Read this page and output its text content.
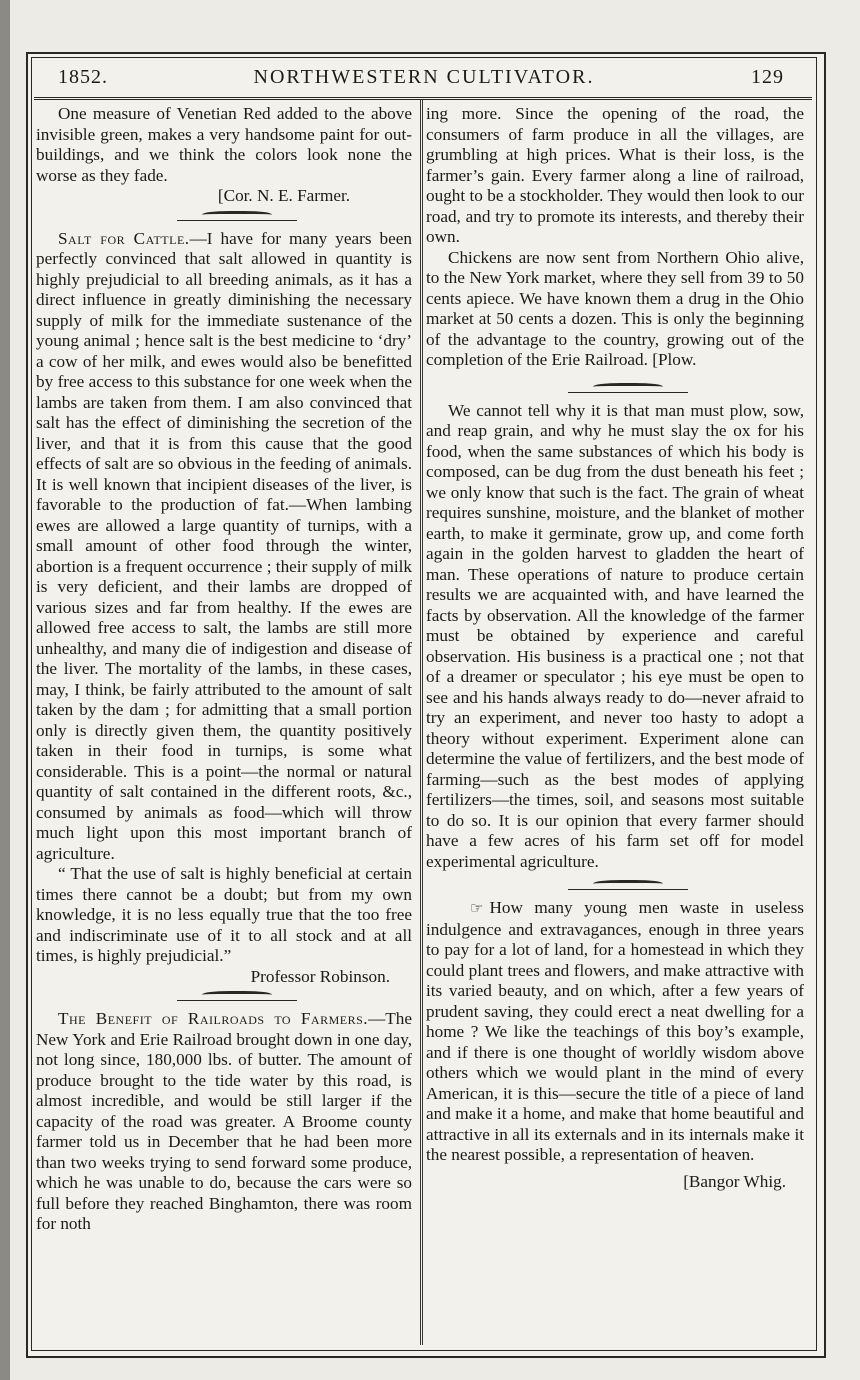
1852.	NORTHWESTERN CULTIVATOR.	129

One measure of Venetian Red added to the above invisible green, makes a very handsome paint for out-buildings, and we think the colors look none the worse as they fade.

[Cor. N. E. Farmer.

Salt for Cattle.—I have for many years been perfectly convinced that salt allowed in quantity is highly prejudicial to all breeding animals, as it has a direct influence in greatly diminishing the necessary supply of milk for the immediate sustenance of the young animal ; hence salt is the best medicine to ‘dry’ a cow of her milk, and ewes would also be benefitted by free access to this substance for one week when the lambs are taken from them. I am also convinced that salt has the effect of diminishing the secretion of the liver, and that it is from this cause that the good effects of salt are so obvious in the feeding of animals. It is well known that incipient diseases of the liver, is favorable to the production of fat.—When lambing ewes are allowed a large quantity of turnips, with a small amount of other food through the winter, abortion is a frequent occurrence ; their supply of milk is very deficient, and their lambs are dropped of various sizes and far from healthy. If the ewes are allowed free access to salt, the lambs are still more unhealthy, and many die of indigestion and disease of the liver. The mortality of the lambs, in these cases, may, I think, be fairly attributed to the amount of salt taken by the dam ; for admitting that a small portion only is directly given them, the quantity positively taken in their food in turnips, is some what considerable. This is a point—the normal or natural quantity of salt contained in the different roots, &c., consumed by animals as food—which will throw much light upon this most important branch of agriculture.

“ That the use of salt is highly beneficial at certain times there cannot be a doubt; but from my own knowledge, it is no less equally true that the too free and indiscriminate use of it to all stock and at all times, is highly prejudicial.”

Professor Robinson.

The Benefit of Railroads to Farmers.—The New York and Erie Railroad brought down in one day, not long since, 180,000 lbs. of butter. The amount of produce brought to the tide water by this road, is almost incredible, and would be still larger if the capacity of the road was greater. A Broome county farmer told us in December that he had been more than two weeks trying to send forward some produce, which he was unable to do, because the cars were so full before they reached Binghamton, there was room for noth

ing more. Since the opening of the road, the consumers of farm produce in all the villages, are grumbling at high prices. What is their loss, is the farmer’s gain. Every farmer along a line of railroad, ought to be a stockholder. They would then look to our road, and try to promote its interests, and thereby their own.

Chickens are now sent from Northern Ohio alive, to the New York market, where they sell from 39 to 50 cents apiece. We have known them a drug in the Ohio market at 50 cents a dozen. This is only the beginning of the advantage to the country, growing out of the completion of the Erie Railroad. [Plow.

We cannot tell why it is that man must plow, sow, and reap grain, and why he must slay the ox for his food, when the same substances of which his body is composed, can be dug from the dust beneath his feet ; we only know that such is the fact. The grain of wheat requires sunshine, moisture, and the blanket of mother earth, to make it germinate, grow up, and come forth again in the golden harvest to gladden the heart of man. These operations of nature to produce certain results we are acquainted with, and have learned the facts by observation. All the knowledge of the farmer must be obtained by experience and careful observation. His business is a practical one ; not that of a dreamer or speculator ; his eye must be open to see and his hands always ready to do—never afraid to try an experiment, and never too hasty to adopt a theory without experiment. Experiment alone can determine the value of fertilizers, and the best mode of farming—such as the best modes of applying fertilizers—the times, soil, and seasons most suitable to do so. It is our opinion that every farmer should have a few acres of his farm set off for model experimental agriculture.

☞ How many young men waste in useless indulgence and extravagances, enough in three years to pay for a lot of land, for a homestead in which they could plant trees and flowers, and make attractive with its varied beauty, and on which, after a few years of prudent saving, they could erect a neat dwelling for a home ? We like the teachings of this boy’s example, and if there is one thought of worldly wisdom above others which we would plant in the mind of every American, it is this—secure the title of a piece of land and make it a home, and make that home beautiful and attractive in all its externals and in its internals make it the nearest possible, a representation of heaven.

[Bangor Whig.
